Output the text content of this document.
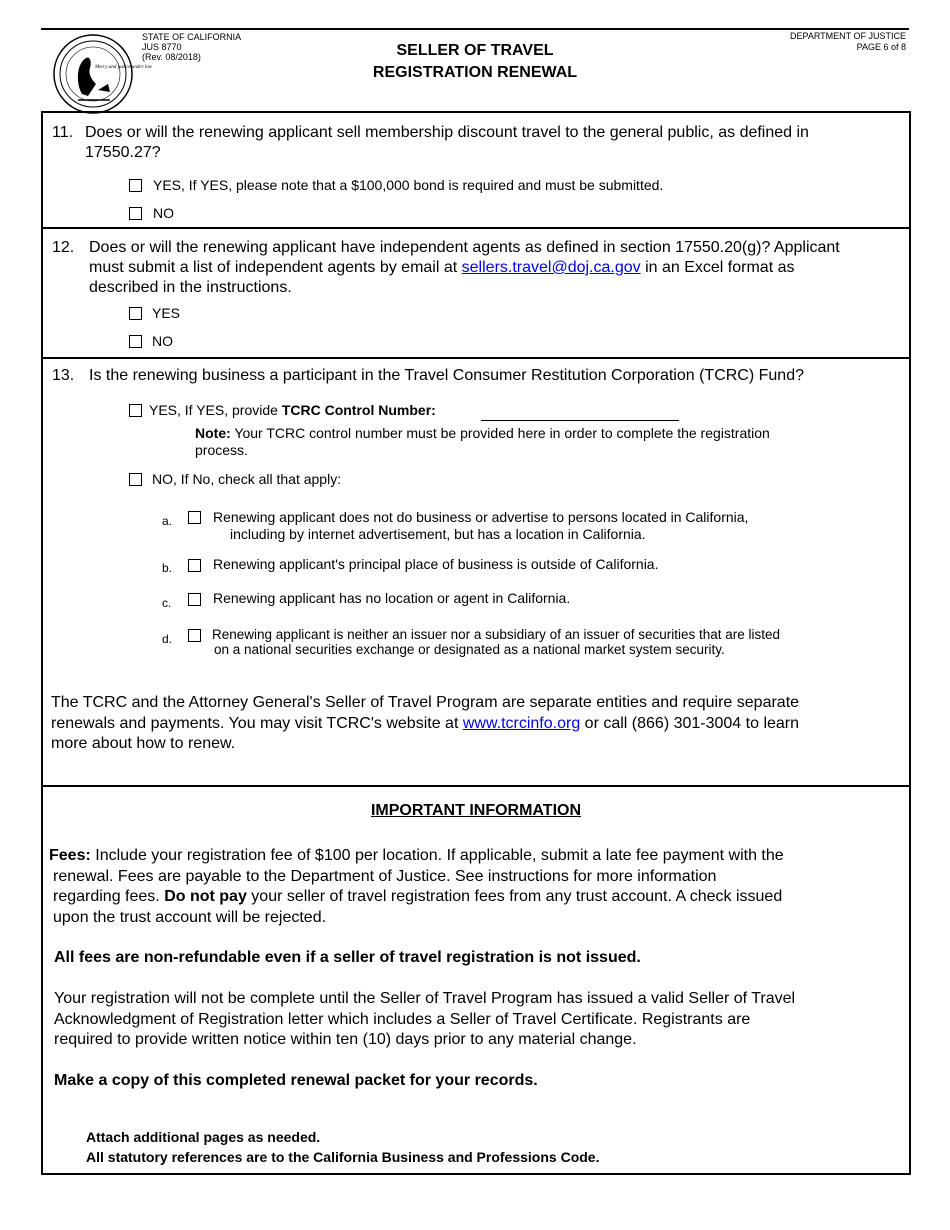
Mercy and justice under law
STATE OF CALIFORNIA
JUS 8770
(Rev. 08/2018)	SELLER OF TRAVEL
REGISTRATION RENEWAL
DEPARTMENT OF JUSTICE
PAGE 6 of 8
11. Does or will the renewing applicant sell membership discount travel to the general public, as defined in
17550.27?
YES, If YES, please note that a $100,000 bond is required and must be submitted.
NO
12. Does or will the renewing applicant have independent agents as defined in section 17550.20(g)? Applicant
must submit a list of independent agents by email at sellers.travel@doj.ca.gov in an Excel format as
described in the instructions.
YES
NO
13. Is the renewing business a participant in the Travel Consumer Restitution Corporation (TCRC) Fund?
YES, If YES, provide TCRC Control Number:
Note: Your TCRC control number must be provided here in order to complete the registration
process.
NO, If No, check all that apply:
a.	Renewing applicant does not do business or advertise to persons located in California,
including by internet advertisement, but has a location in California.
b.	Renewing applicant's principal place of business is outside of California.
c.	Renewing applicant has no location or agent in California.
d.	Renewing applicant is neither an issuer nor a subsidiary of an issuer of securities that are listed
on a national securities exchange or designated as a national market system security.
The TCRC and the Attorney General's Seller of Travel Program are separate entities and require separate
renewals and payments. You may visit TCRC's website at www.tcrcinfo.org or call (866) 301-3004 to learn
more about how to renew.
IMPORTANT INFORMATION
Fees: Include your registration fee of $100 per location. If applicable, submit a late fee payment with the
renewal. Fees are payable to the Department of Justice. See instructions for more information
regarding fees. Do not pay your seller of travel registration fees from any trust account. A check issued
upon the trust account will be rejected.
All fees are non-refundable even if a seller of travel registration is not issued.
Your registration will not be complete until the Seller of Travel Program has issued a valid Seller of Travel
Acknowledgment of Registration letter which includes a Seller of Travel Certificate. Registrants are
required to provide written notice within ten (10) days prior to any material change.
Make a copy of this completed renewal packet for your records.
Attach additional pages as needed.
All statutory references are to the California Business and Professions Code.
